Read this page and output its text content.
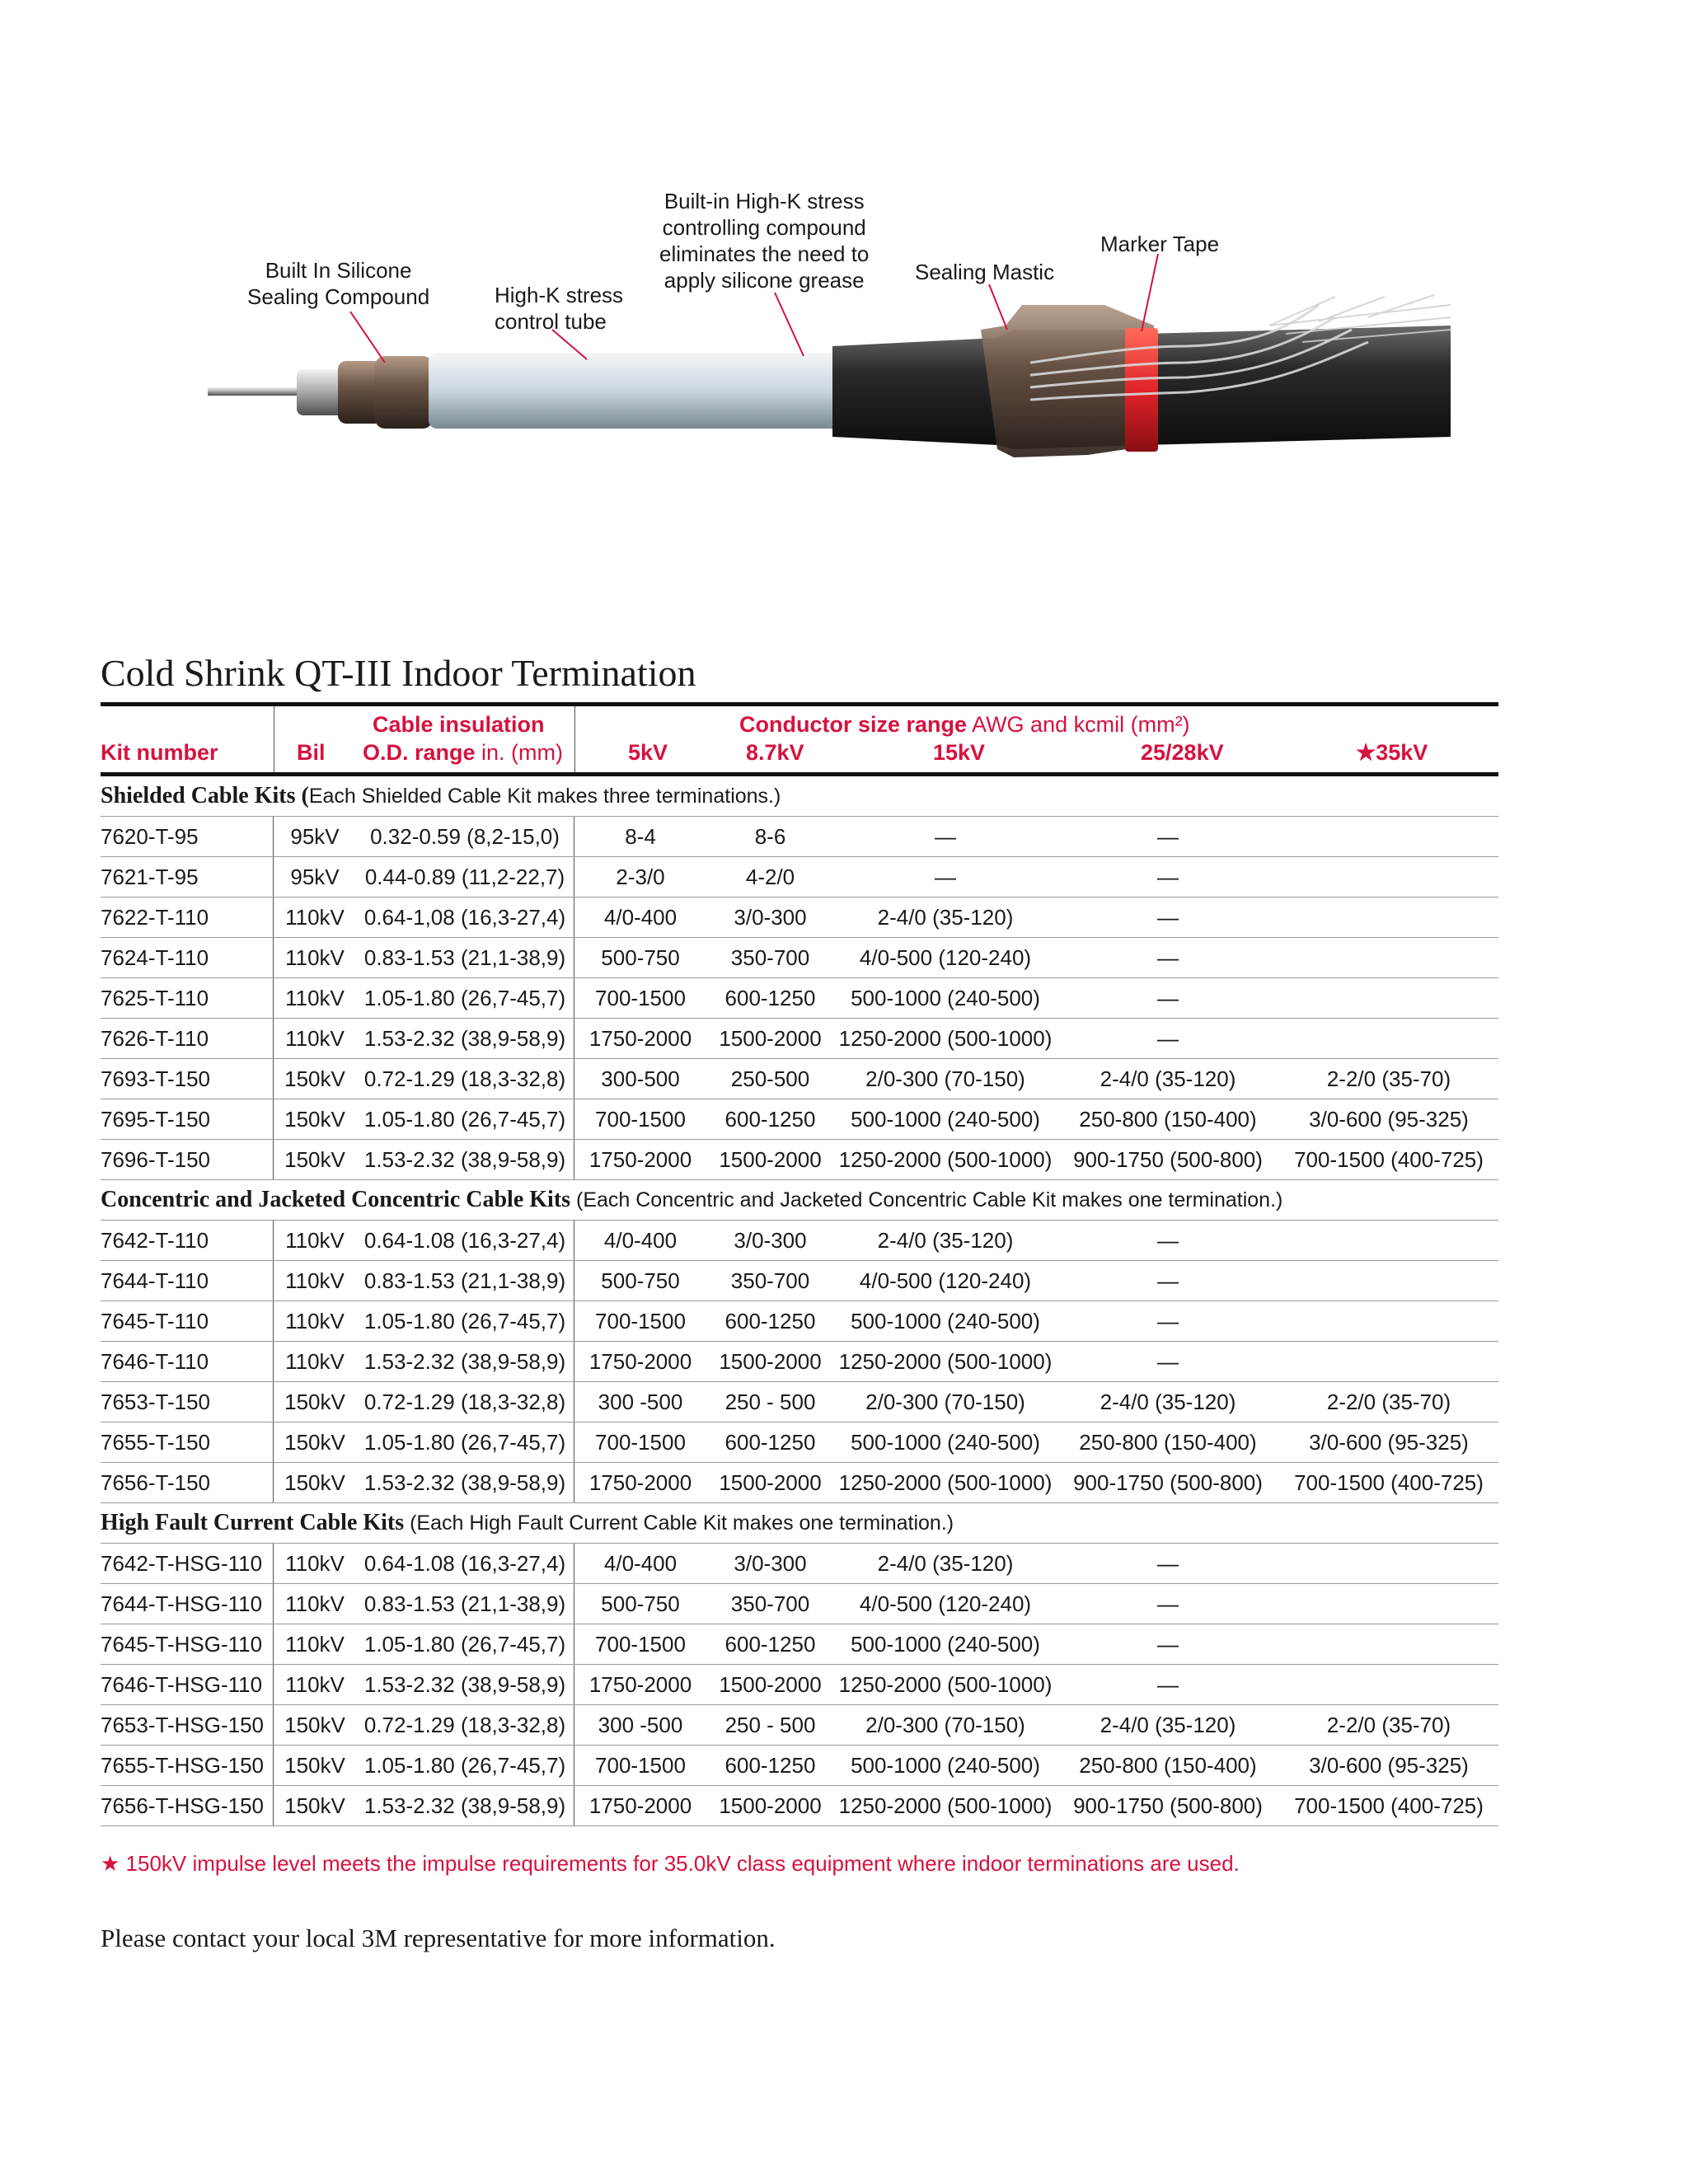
Built In Silicone
Sealing Compound	High-K stress
control tube
Built-in High-K stress
controlling compound
eliminates the need to
apply silicone grease Sealing Mastic
Marker Tape
Cold Shrink QT-III Indoor Termination
Kit number	Bil
Cable insulation
O.D. range in. (mm)
Conductor size range AWG and kcmil (mm²)
5kV	8.7kV	15kV	25/28kV	★35kV
Shielded Cable Kits (Each Shielded Cable Kit makes three terminations.)
7620-T-95	95kV	0.32-0.59 (8,2-15,0)	8-4	8-6	—	—
7621-T-95	95kV	0.44-0.89 (11,2-22,7)	2-3/0	4-2/0	—	—
7622-T-110	110kV 0.64-1,08 (16,3-27,4)	4/0-400	3/0-300	2-4/0 (35-120)	—
7624-T-110	110kV 0.83-1.53 (21,1-38,9)	500-750	350-700	4/0-500 (120-240)	—
7625-T-110	110kV 1.05-1.80 (26,7-45,7)	700-1500	600-1250	500-1000 (240-500)	—
7626-T-110	110kV 1.53-2.32 (38,9-58,9)	1750-2000	1500-2000 1250-2000 (500-1000)	—
7693-T-150	150kV 0.72-1.29 (18,3-32,8)	300-500	250-500	2/0-300 (70-150)	2-4/0 (35-120)	2-2/0 (35-70)
7695-T-150	150kV 1.05-1.80 (26,7-45,7)	700-1500	600-1250	500-1000 (240-500)	250-800 (150-400)	3/0-600 (95-325)
7696-T-150	150kV 1.53-2.32 (38,9-58,9)	1750-2000	1500-2000 1250-2000 (500-1000) 900-1750 (500-800)	700-1500 (400-725)
Concentric and Jacketed Concentric Cable Kits (Each Concentric and Jacketed Concentric Cable Kit makes one termination.)
7642-T-110	110kV 0.64-1.08 (16,3-27,4)	4/0-400	3/0-300	2-4/0 (35-120)	—
7644-T-110	110kV 0.83-1.53 (21,1-38,9)	500-750	350-700	4/0-500 (120-240)	—
7645-T-110	110kV 1.05-1.80 (26,7-45,7)	700-1500	600-1250	500-1000 (240-500)	—
7646-T-110	110kV 1.53-2.32 (38,9-58,9)	1750-2000	1500-2000 1250-2000 (500-1000)	—
7653-T-150	150kV 0.72-1.29 (18,3-32,8)	300 -500	250 - 500	2/0-300 (70-150)	2-4/0 (35-120)	2-2/0 (35-70)
7655-T-150	150kV 1.05-1.80 (26,7-45,7)	700-1500	600-1250	500-1000 (240-500)	250-800 (150-400)	3/0-600 (95-325)
7656-T-150	150kV 1.53-2.32 (38,9-58,9)	1750-2000	1500-2000 1250-2000 (500-1000) 900-1750 (500-800)	700-1500 (400-725)
High Fault Current Cable Kits (Each High Fault Current Cable Kit makes one termination.)
7642-T-HSG-110	110kV 0.64-1.08 (16,3-27,4)	4/0-400	3/0-300	2-4/0 (35-120)	—
7644-T-HSG-110	110kV 0.83-1.53 (21,1-38,9)	500-750	350-700	4/0-500 (120-240)	—
7645-T-HSG-110	110kV 1.05-1.80 (26,7-45,7)	700-1500	600-1250	500-1000 (240-500)	—
7646-T-HSG-110	110kV 1.53-2.32 (38,9-58,9)	1750-2000	1500-2000 1250-2000 (500-1000)	—
7653-T-HSG-150 150kV 0.72-1.29 (18,3-32,8)	300 -500	250 - 500	2/0-300 (70-150)	2-4/0 (35-120)	2-2/0 (35-70)
7655-T-HSG-150 150kV 1.05-1.80 (26,7-45,7)	700-1500	600-1250	500-1000 (240-500)	250-800 (150-400)	3/0-600 (95-325)
7656-T-HSG-150 150kV 1.53-2.32 (38,9-58,9)	1750-2000	1500-2000 1250-2000 (500-1000) 900-1750 (500-800)	700-1500 (400-725)
★ 150kV impulse level meets the impulse requirements for 35.0kV class equipment where indoor terminations are used.
Please contact your local 3M representative for more information.
